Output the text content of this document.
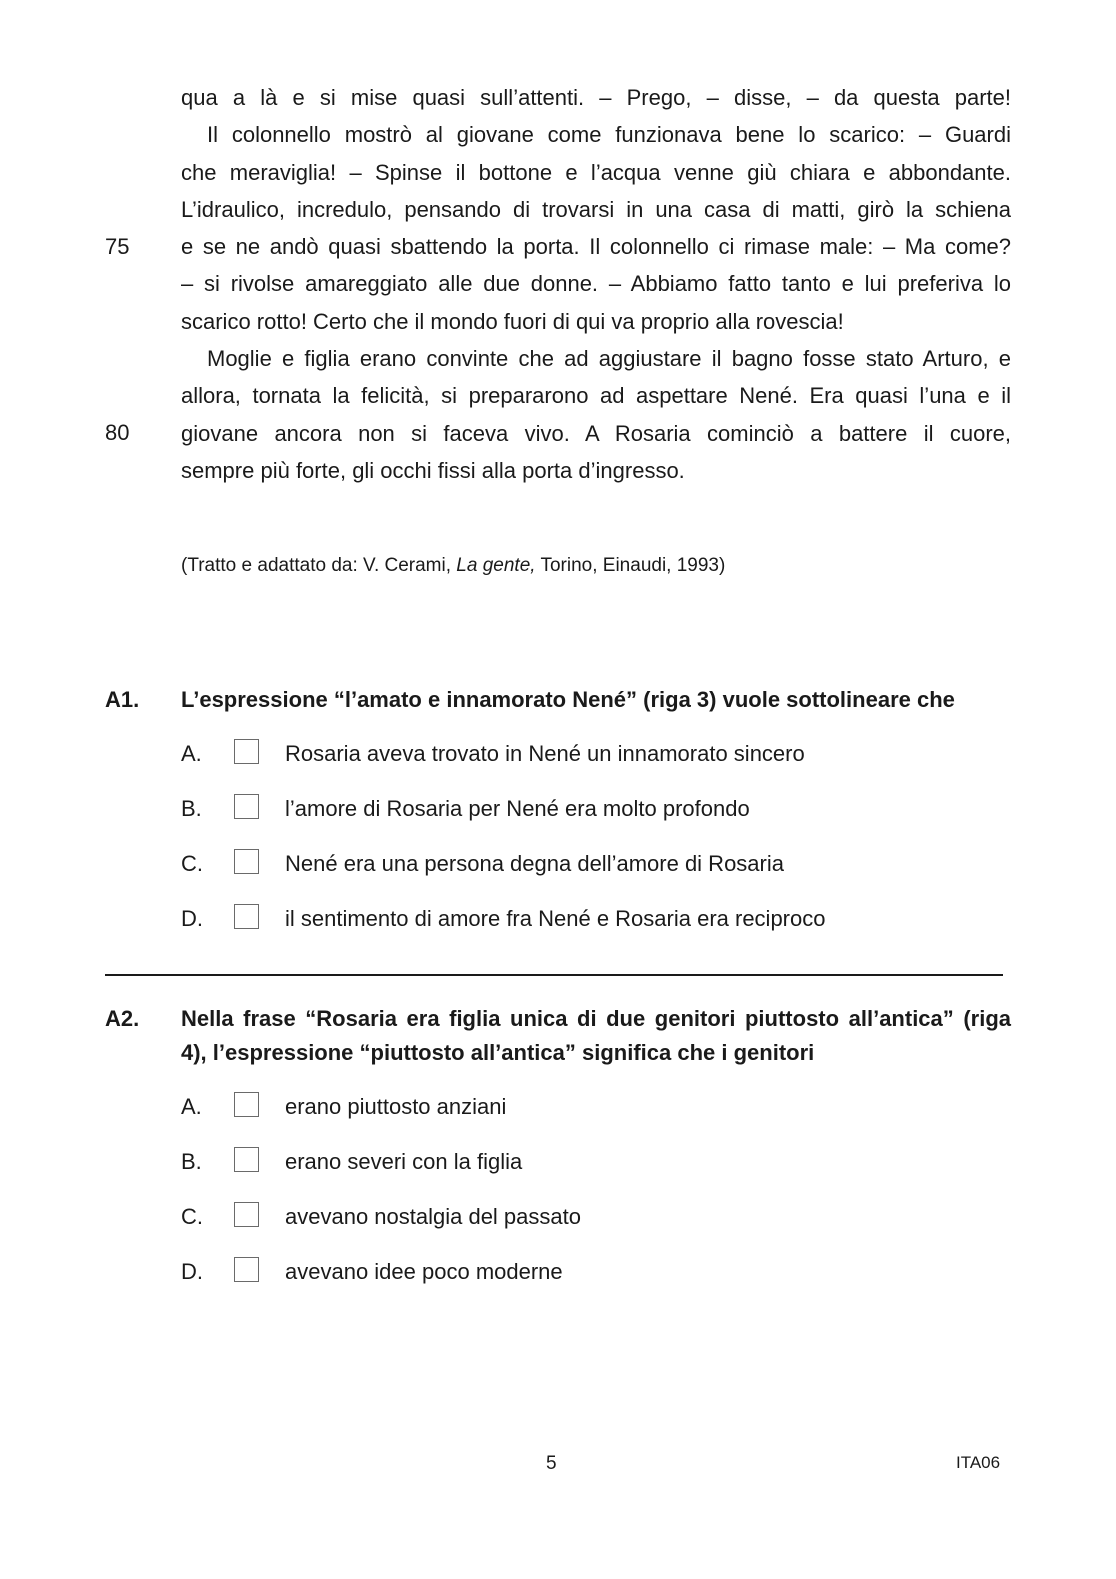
qua a là e si mise quasi sull’attenti. – Prego, – disse, – da questa parte!
Il colonnello mostrò al giovane come funzionava bene lo scarico: – Guardi
che meraviglia! – Spinse il bottone e l’acqua venne giù chiara e abbondante.
L’idraulico, incredulo, pensando di trovarsi in una casa di matti, girò la schiena
e se ne andò quasi sbattendo la porta. Il colonnello ci rimase male: – Ma come?
– si rivolse amareggiato alle due donne. – Abbiamo fatto tanto e lui preferiva lo
scarico rotto! Certo che il mondo fuori di qui va proprio alla rovescia!
Moglie e figlia erano convinte che ad aggiustare il bagno fosse stato Arturo, e
allora, tornata la felicità, si prepararono ad aspettare Nené. Era quasi l’una e il
giovane ancora non si faceva vivo. A Rosaria cominciò a battere il cuore,
sempre più forte, gli occhi fissi alla porta d’ingresso.
75
80
(Tratto e adattato da: V. Cerami, La gente, Torino, Einaudi, 1993)
A1. L’espressione “l’amato e innamorato Nené” (riga 3) vuole sottolineare che
A.	Rosaria aveva trovato in Nené un innamorato sincero
B.	l’amore di Rosaria per Nené era molto profondo
C.	Nené era una persona degna dell’amore di Rosaria
D.	il sentimento di amore fra Nené e Rosaria era reciproco
A2. Nella frase “Rosaria era figlia unica di due genitori piuttosto all’antica” (riga
4), l’espressione “piuttosto all’antica” significa che i genitori
A.	erano piuttosto anziani
B.	erano severi con la figlia
C.	avevano nostalgia del passato
D.	avevano idee poco moderne
5	ITA06
